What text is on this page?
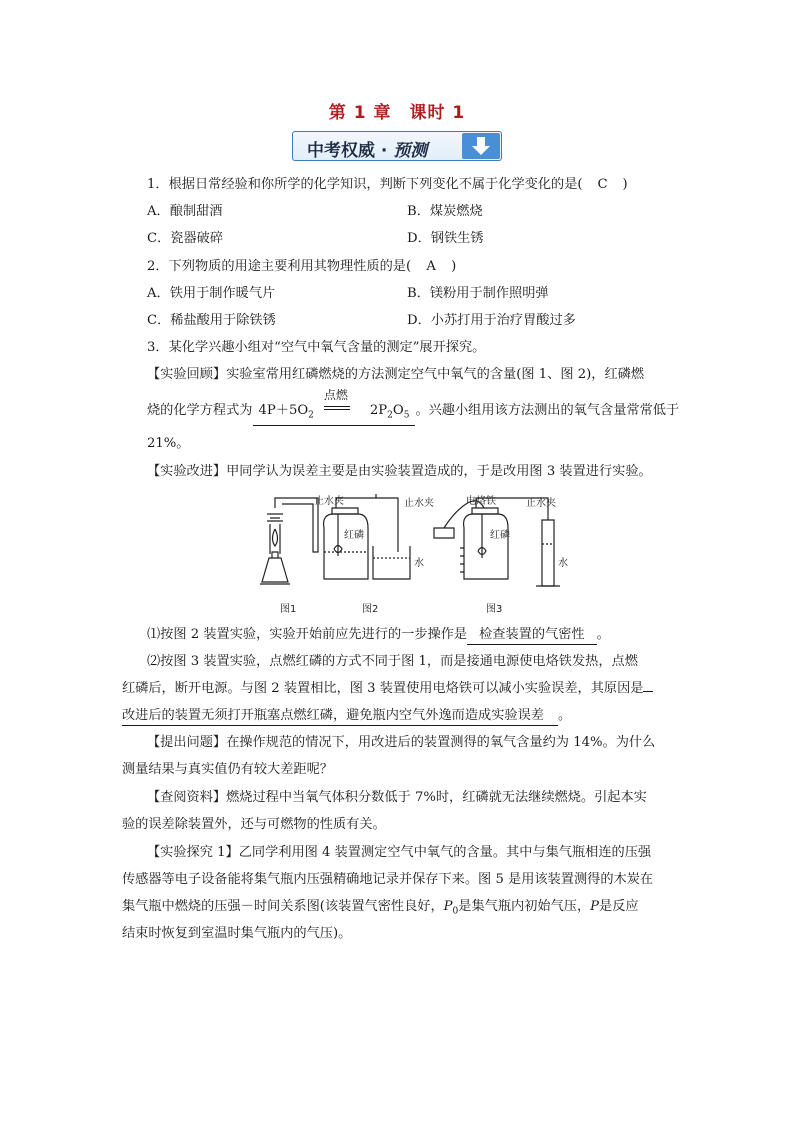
第 1 章　课时 1
中考权威 · 预测
1．根据日常经验和你所学的化学知识，判断下列变化不属于化学变化的是( C )
A．酿制甜酒	B．煤炭燃烧
C．瓷器破碎	D．钢铁生锈
2．下列物质的用途主要利用其物理性质的是( A )
A．铁用于制作暖气片	B．镁粉用于制作照明弹
C．稀盐酸用于除铁锈	D．小苏打用于治疗胃酸过多
3．某化学兴趣小组对“空气中氧气含量的测定”展开探究。
【实验回顾】实验室常用红磷燃烧的方法测定空气中氧气的含量(图 1、图 2)，红磷燃
烧的化学方程式为 $4P+5O_2$
点燃
$2P_2O_5$ 。兴趣小组用该方法测出的氧气含量常常低于
21%。
【实验改进】甲同学认为误差主要是由实验装置造成的，于是改用图 3 装置进行实验。
止水夹	止水夹
红磷
水
电烙铁	止水夹
红磷
水
图1	图2	图3
⑴按图 2 装置实验，实验开始前应先进行的一步操作是 检查装置的气密性 。
⑵按图 3 装置实验，点燃红磷的方式不同于图 1，而是接通电源使电烙铁发热，点燃
红磷后，断开电源。与图 2 装置相比，图 3 装置使用电烙铁可以减小实验误差，其原因是
改进后的装置无须打开瓶塞点燃红磷，避免瓶内空气外逸而造成实验误差 。
【提出问题】在操作规范的情况下，用改进后的装置测得的氧气含量约为 14%。为什么
测量结果与真实值仍有较大差距呢？
【查阅资料】燃烧过程中当氧气体积分数低于 7%时，红磷就无法继续燃烧。引起本实
验的误差除装置外，还与可燃物的性质有关。
【实验探究 1】乙同学利用图 4 装置测定空气中氧气的含量。其中与集气瓶相连的压强
传感器等电子设备能将集气瓶内压强精确地记录并保存下来。图 5 是用该装置测得的木炭在
集气瓶中燃烧的压强－时间关系图(该装置气密性良好，$P_0$是集气瓶内初始气压，P是反应
结束时恢复到室温时集气瓶内的气压)。
